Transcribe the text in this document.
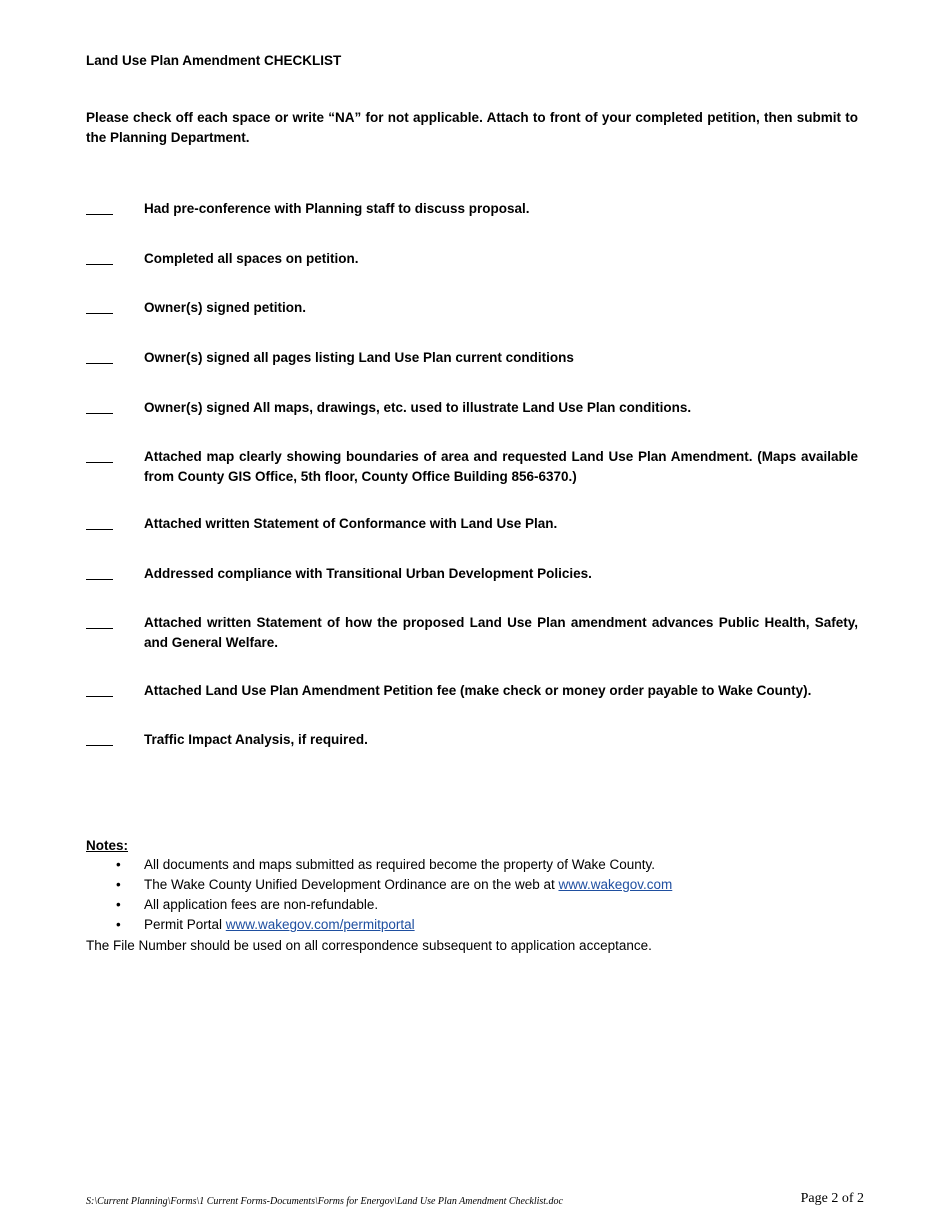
Land Use Plan Amendment CHECKLIST
Please check off each space or write “NA” for not applicable. Attach to front of your completed petition, then submit to the Planning Department.
Had pre-conference with Planning staff to discuss proposal.
Completed all spaces on petition.
Owner(s) signed petition.
Owner(s) signed all pages listing Land Use Plan current conditions
Owner(s) signed All maps, drawings, etc. used to illustrate Land Use Plan conditions.
Attached map clearly showing boundaries of area and requested Land Use Plan Amendment. (Maps available from County GIS Office, 5th floor, County Office Building 856-6370.)
Attached written Statement of Conformance with Land Use Plan.
Addressed compliance with Transitional Urban Development Policies.
Attached written Statement of how the proposed Land Use Plan amendment advances Public Health, Safety, and General Welfare.
Attached Land Use Plan Amendment Petition fee (make check or money order payable to Wake County).
Traffic Impact Analysis, if required.
Notes:
• All documents and maps submitted as required become the property of Wake County.
• The Wake County Unified Development Ordinance are on the web at www.wakegov.com
• All application fees are non-refundable.
• Permit Portal www.wakegov.com/permitportal
The File Number should be used on all correspondence subsequent to application acceptance.
S:\Current Planning\Forms\1 Current Forms-Documents\Forms for Energov\Land Use Plan Amendment Checklist.doc	Page 2 of 2
